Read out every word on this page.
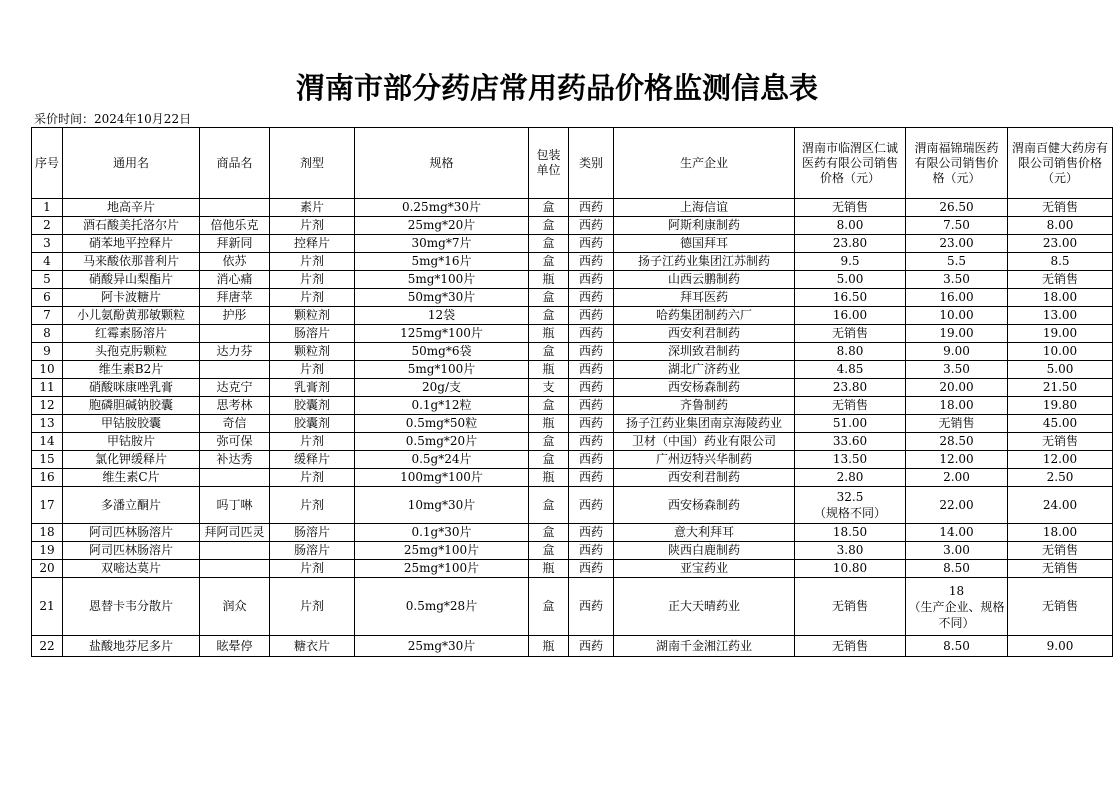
渭南市部分药店常用药品价格监测信息表
采价时间：2024年10月22日
序号	通用名	商品名	剂型	规格	包装单位	类别	生产企业	渭南市临渭区仁诚医药有限公司销售价格（元）	渭南福锦瑞医药有限公司销售价格（元）	渭南百健大药房有限公司销售价格（元）
1	地高辛片		素片	0.25mg*30片	盒	西药	上海信谊	无销售	26.50	无销售
2	酒石酸美托洛尔片	倍他乐克	片剂	25mg*20片	盒	西药	阿斯利康制药	8.00	7.50	8.00
3	硝苯地平控释片	拜新同	控释片	30mg*7片	盒	西药	德国拜耳	23.80	23.00	23.00
4	马来酸依那普利片	依苏	片剂	5mg*16片	盒	西药	扬子江药业集团江苏制药	9.5	5.5	8.5
5	硝酸异山梨酯片	消心痛	片剂	5mg*100片	瓶	西药	山西云鹏制药	5.00	3.50	无销售
6	阿卡波糖片	拜唐苹	片剂	50mg*30片	盒	西药	拜耳医药	16.50	16.00	18.00
7	小儿氨酚黄那敏颗粒	护彤	颗粒剂	12袋	盒	西药	哈药集团制药六厂	16.00	10.00	13.00
8	红霉素肠溶片		肠溶片	125mg*100片	瓶	西药	西安利君制药	无销售	19.00	19.00
9	头孢克肟颗粒	达力芬	颗粒剂	50mg*6袋	盒	西药	深圳致君制药	8.80	9.00	10.00
10	维生素B2片		片剂	5mg*100片	瓶	西药	湖北广济药业	4.85	3.50	5.00
11	硝酸咪康唑乳膏	达克宁	乳膏剂	20g/支	支	西药	西安杨森制药	23.80	20.00	21.50
12	胞磷胆碱钠胶囊	思考林	胶囊剂	0.1g*12粒	盒	西药	齐鲁制药	无销售	18.00	19.80
13	甲钴胺胶囊	奇信	胶囊剂	0.5mg*50粒	瓶	西药	扬子江药业集团南京海陵药业	51.00	无销售	45.00
14	甲钴胺片	弥可保	片剂	0.5mg*20片	盒	西药	卫材（中国）药业有限公司	33.60	28.50	无销售
15	氯化钾缓释片	补达秀	缓释片	0.5g*24片	盒	西药	广州迈特兴华制药	13.50	12.00	12.00
16	维生素C片		片剂	100mg*100片	瓶	西药	西安利君制药	2.80	2.00	2.50
17	多潘立酮片	吗丁啉	片剂	10mg*30片	盒	西药	西安杨森制药	32.5
（规格不同）	22.00	24.00
18	阿司匹林肠溶片	拜阿司匹灵	肠溶片	0.1g*30片	盒	西药	意大利拜耳	18.50	14.00	18.00
19	阿司匹林肠溶片		肠溶片	25mg*100片	盒	西药	陕西白鹿制药	3.80	3.00	无销售
20	双嘧达莫片		片剂	25mg*100片	瓶	西药	亚宝药业	10.80	8.50	无销售
21	恩替卡韦分散片	润众	片剂	0.5mg*28片	盒	西药	正大天晴药业	无销售	18
（生产企业、规格不同）	无销售
22	盐酸地芬尼多片	眩晕停	糖衣片	25mg*30片	瓶	西药	湖南千金湘江药业	无销售	8.50	9.00
